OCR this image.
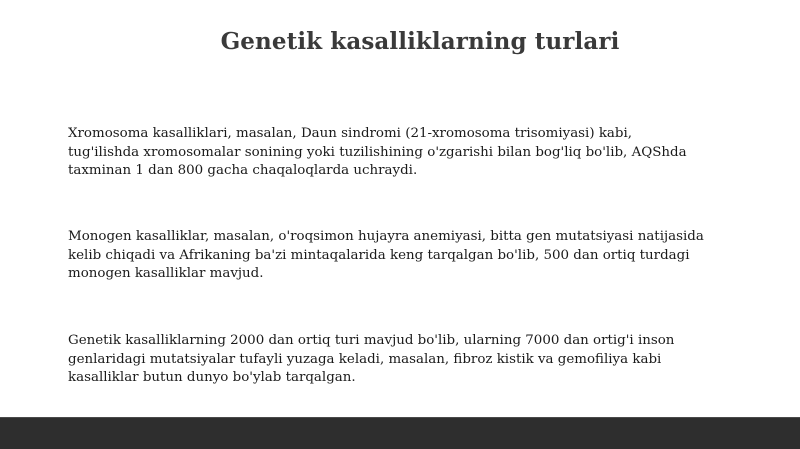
Genetik kasalliklarning turlari

Xromosoma kasalliklari, masalan, Daun sindromi (21-xromosoma trisomiyasi) kabi,
tug'ilishda xromosomalar sonining yoki tuzilishining o'zgarishi bilan bog'liq bo'lib, AQShda
taxminan 1 dan 800 gacha chaqaloqlarda uchraydi.

Monogen kasalliklar, masalan, o'roqsimon hujayra anemiyasi, bitta gen mutatsiyasi natijasida
kelib chiqadi va Afrikaning ba'zi mintaqalarida keng tarqalgan bo'lib, 500 dan ortiq turdagi
monogen kasalliklar mavjud.

Genetik kasalliklarning 2000 dan ortiq turi mavjud bo'lib, ularning 7000 dan ortig'i inson
genlaridagi mutatsiyalar tufayli yuzaga keladi, masalan, fibroz kistik va gemofiliya kabi
kasalliklar butun dunyo bo'ylab tarqalgan.
